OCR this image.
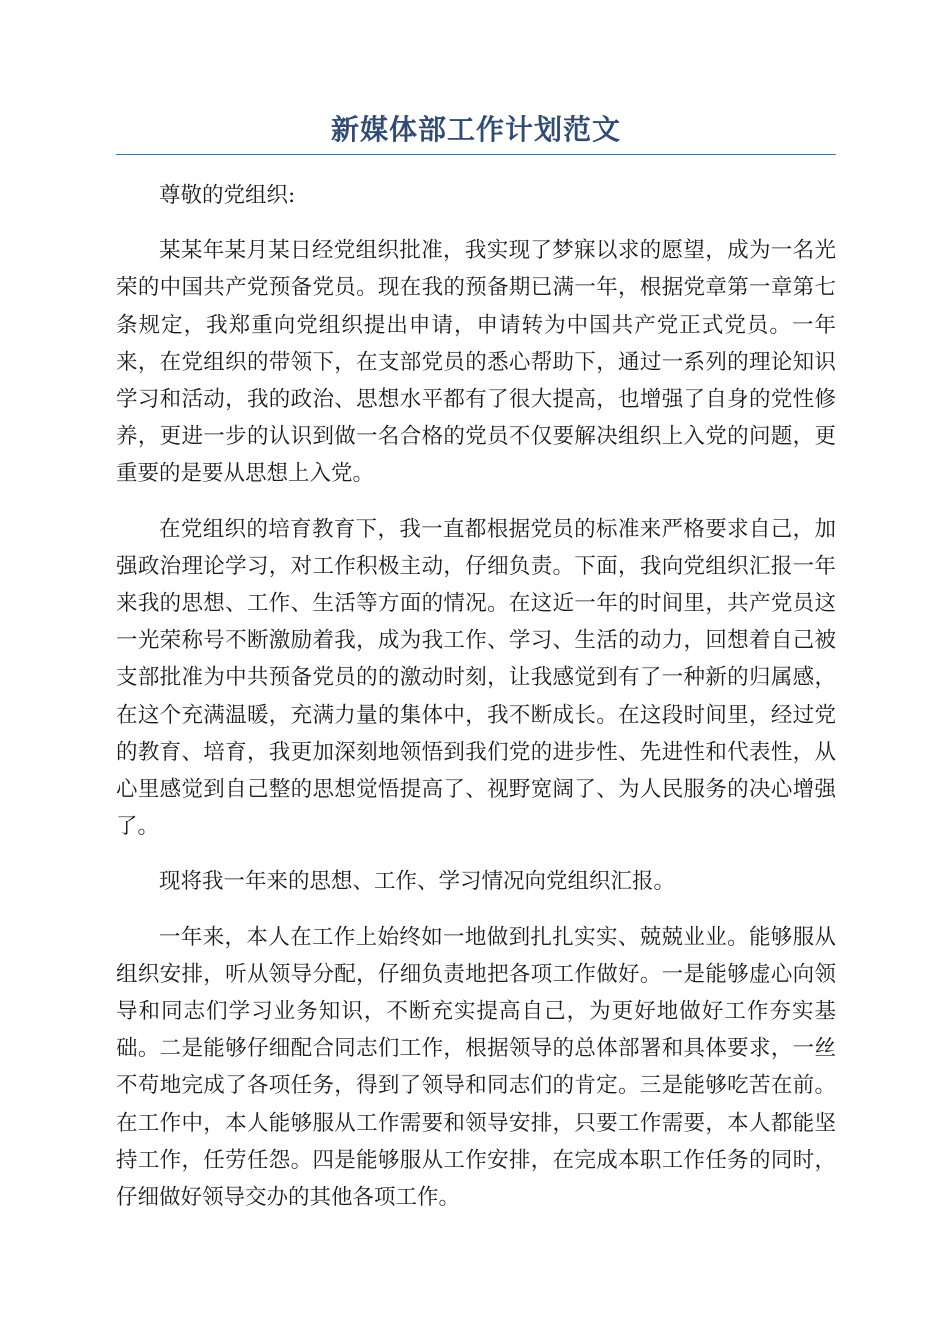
新媒体部工作计划范文

尊敬的党组织:

某某年某月某日经党组织批准，我实现了梦寐以求的愿望，成为一名光荣的中国共产党预备党员。现在我的预备期已满一年，根据党章第一章第七条规定，我郑重向党组织提出申请，申请转为中国共产党正式党员。一年来，在党组织的带领下，在支部党员的悉心帮助下，通过一系列的理论知识学习和活动，我的政治、思想水平都有了很大提高，也增强了自身的党性修养，更进一步的认识到做一名合格的党员不仅要解决组织上入党的问题，更重要的是要从思想上入党。

在党组织的培育教育下，我一直都根据党员的标准来严格要求自己，加强政治理论学习，对工作积极主动，仔细负责。下面，我向党组织汇报一年来我的思想、工作、生活等方面的情况。在这近一年的时间里，共产党员这一光荣称号不断激励着我，成为我工作、学习、生活的动力，回想着自己被支部批准为中共预备党员的的激动时刻，让我感觉到有了一种新的归属感，在这个充满温暖，充满力量的集体中，我不断成长。在这段时间里，经过党的教育、培育，我更加深刻地领悟到我们党的进步性、先进性和代表性，从心里感觉到自己整的思想觉悟提高了、视野宽阔了、为人民服务的决心增强了。

现将我一年来的思想、工作、学习情况向党组织汇报。

一年来，本人在工作上始终如一地做到扎扎实实、兢兢业业。能够服从组织安排，听从领导分配，仔细负责地把各项工作做好。一是能够虚心向领导和同志们学习业务知识，不断充实提高自己，为更好地做好工作夯实基础。二是能够仔细配合同志们工作，根据领导的总体部署和具体要求，一丝不苟地完成了各项任务，得到了领导和同志们的肯定。三是能够吃苦在前。在工作中，本人能够服从工作需要和领导安排，只要工作需要，本人都能坚持工作，任劳任怨。四是能够服从工作安排，在完成本职工作任务的同时，仔细做好领导交办的其他各项工作。
